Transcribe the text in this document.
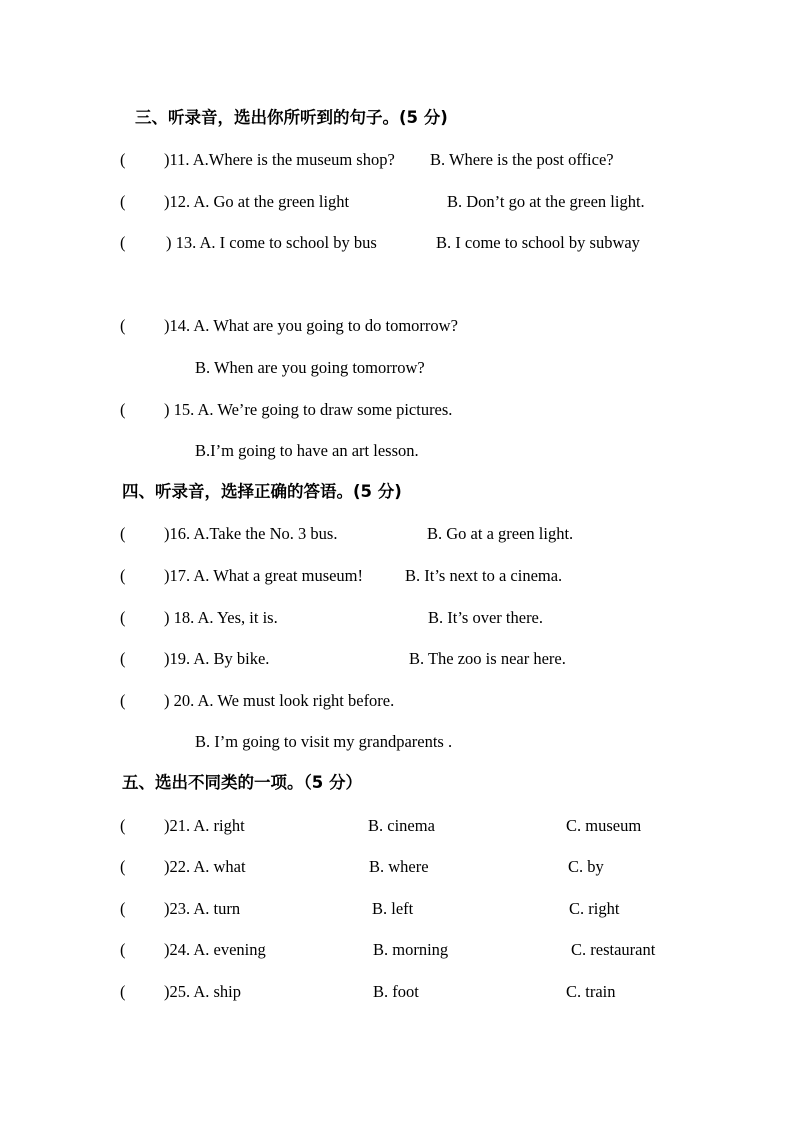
三、听录音，选出你所听到的句子。(5 分)
( )11. A.Where is the museum shop? B. Where is the post office?
( )12. A. Go at the green light	B. Don’t go at the green light.
( ) 13. A. I come to school by bus	B. I come to school by subway
( )14. A. What are you going to do tomorrow?
B. When are you going tomorrow?
( ) 15. A. We’re going to draw some pictures.
B.I’m going to have an art lesson.
四、听录音，选择正确的答语。(5 分)
( )16. A.Take the No. 3 bus.	B. Go at a green light.
( )17. A. What a great museum!	B. It’s next to a cinema.
( ) 18. A. Yes, it is.	B. It’s over there.
( )19. A. By bike.	B. The zoo is near here.
( ) 20. A. We must look right before.
B. I’m going to visit my grandparents .
五、选出不同类的一项。（5 分）
( )21. A. right	B. cinema	C. museum
( )22. A. what	B. where	C. by
( )23. A. turn	B. left	C. right
( )24. A. evening	B. morning	C. restaurant
( )25. A. ship	B. foot	C. train
